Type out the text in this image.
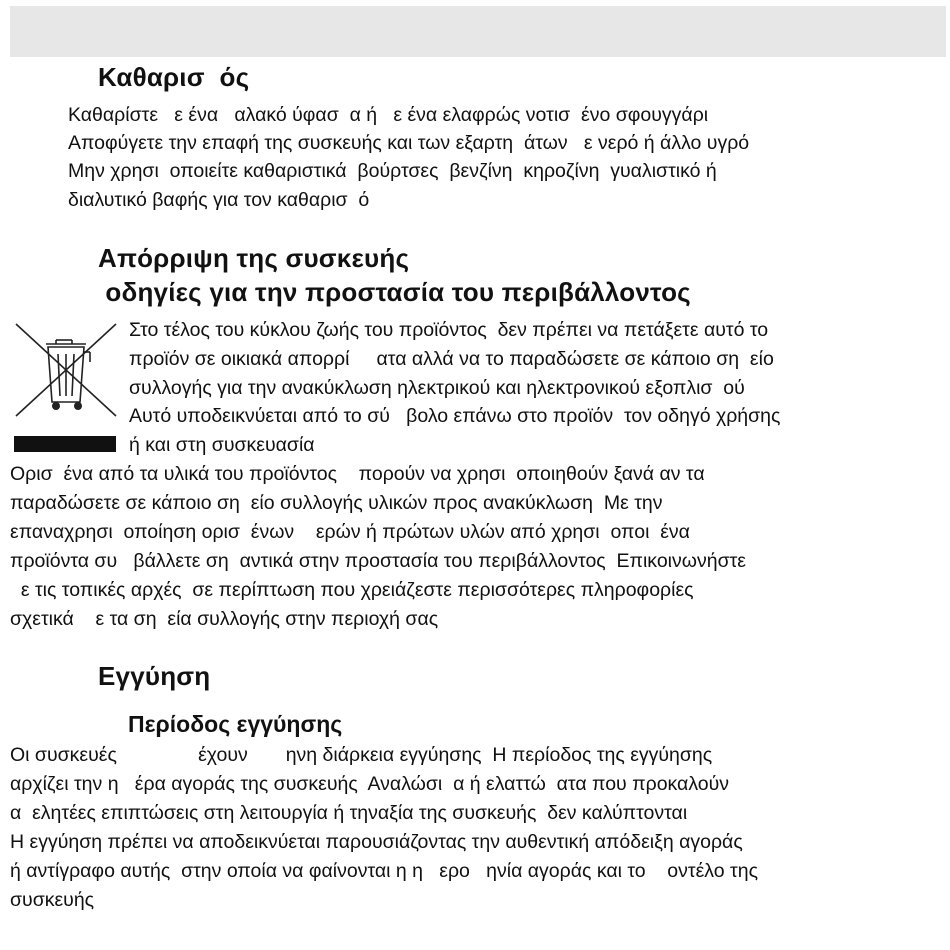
Καθαρισ  ός
Καθαρίστε   ε ένα   αλακό ύφασ  α ή   ε ένα ελαφρώς νοτισ  ένο σφουγγάρι
Αποφύγετε την επαφή της συσκευής και των εξαρτη  άτων   ε νερό ή άλλο υγρό
Μην χρησι  οποιείτε καθαριστικά  βούρτσες  βενζίνη  κηροζίνη  γυαλιστικό ή
διαλυτικό βαφής για τον καθαρισ  ό
Απόρριψη της συσκευής
οδηγίες για την προστασία του περιβάλλοντος
Στο τέλος του κύκλου ζωής του προϊόντος  δεν πρέπει να πετάξετε αυτό το
προϊόν σε οικιακά απορρί     ατα αλλά να το παραδώσετε σε κάποιο ση  είο
συλλογής για την ανακύκλωση ηλεκτρικού και ηλεκτρονικού εξοπλισ  ού
Αυτό υποδεικνύεται από το σύ   βολο επάνω στο προϊόν  τον οδηγό χρήσης
ή και στη συσκευασία
Ορισ  ένα από τα υλικά του προϊόντος    πορούν να χρησι  οποιηθούν ξανά αν τα
παραδώσετε σε κάποιο ση  είο συλλογής υλικών προς ανακύκλωση  Με την
επαναχρησι  οποίηση ορισ  ένων    ερών ή πρώτων υλών από χρησι  οποι  ένα
προϊόντα συ   βάλλετε ση  αντικά στην προστασία του περιβάλλοντος  Επικοινωνήστε
ε τις τοπικές αρχές  σε περίπτωση που χρειάζεστε περισσότερες πληροφορίες
σχετικά    ε τα ση  εία συλλογής στην περιοχή σας
Εγγύηση
Περίοδος εγγύησης
Οι συσκευές               έχουν       ηνη διάρκεια εγγύησης  Η περίοδος της εγγύησης
αρχίζει την η   έρα αγοράς της συσκευής  Αναλώσι  α ή ελαττώ  ατα που προκαλούν
α  ελητέες επιπτώσεις στη λειτουργία ή τηναξία της συσκευής  δεν καλύπτονται
Η εγγύηση πρέπει να αποδεικνύεται παρουσιάζοντας την αυθεντική απόδειξη αγοράς
ή αντίγραφο αυτής  στην οποία να φαίνονται η η   ερο   ηνία αγοράς και το    οντέλο της
συσκευής
